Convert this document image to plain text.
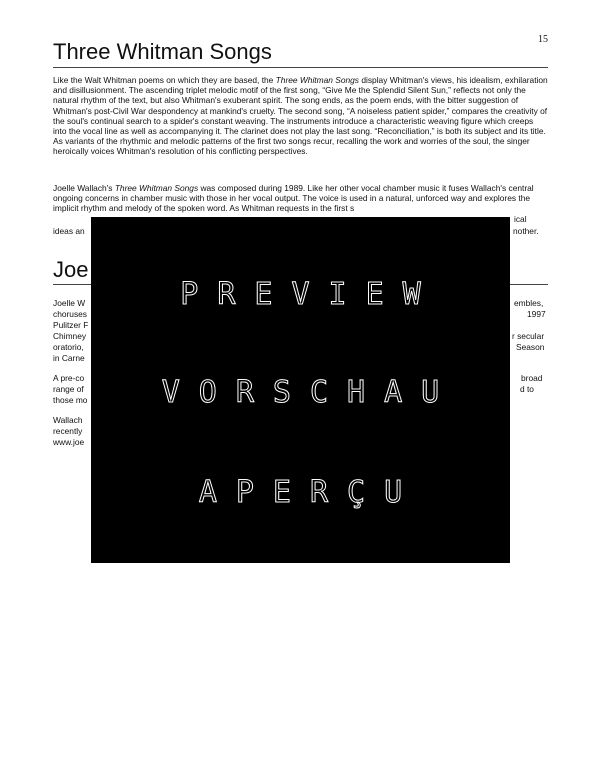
15
Three Whitman Songs

Like the Walt Whitman poems on which they are based, the Three Whitman Songs display Whitman's views, his idealism, exhilaration and disillusionment. The ascending triplet melodic motif of the first song, “Give Me the Splendid Silent Sun,” reflects not only the natural rhythm of the text, but also Whitman's exuberant spirit. The song ends, as the poem ends, with the bitter suggestion of Whitman's post-Civil War despondency at mankind's cruelty. The second song, “A noiseless patient spider,” compares the creativity of the soul's continual search to a spider's constant weaving. The instruments introduce a characteristic weaving figure which creeps into the vocal line as well as accompanying it. The clarinet does not play the last song. “Reconciliation,” is both its subject and its title. As variants of the rhythmic and melodic patterns of the first two songs recur, recalling the work and worries of the soul, the singer heroically voices Whitman's resolution of his conflicting perspectives.

Joelle Wallach's Three Whitman Songs was composed during 1989. Like her other vocal chamber music it fuses Wallach's central ongoing concerns in chamber music with those in her vocal output. The voice is used in a natural, unforced way and explores the implicit rhythm and melody of the spoken word. As Whitman requests in the first s

ical
ideas an	nother.
Joe
Joelle W	embles,
choruses	1997
Pulitzer F
Chimney	r secular
oratorio,	Season
in Carne
A pre-co	broad
range of	d to
those mo
Wallach
recently
www.joe
PREVIEW
VORSCHAU
APERÇU
